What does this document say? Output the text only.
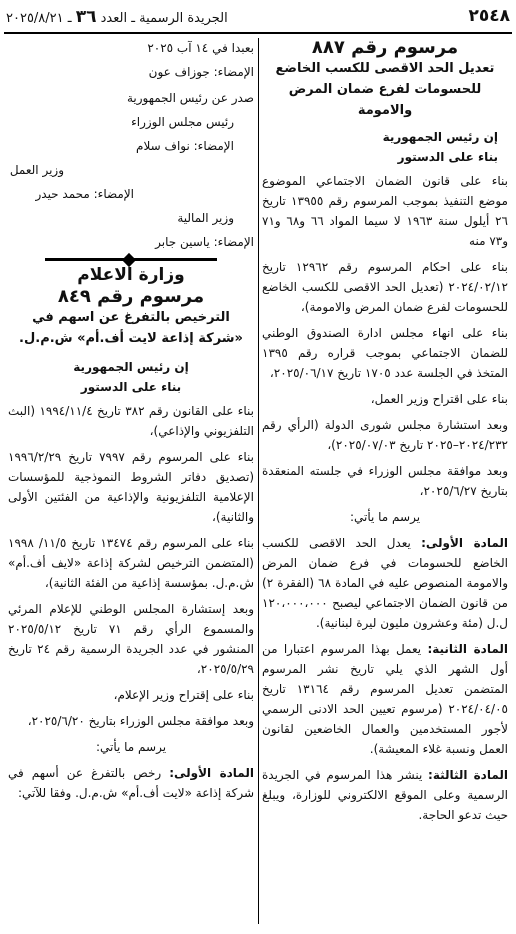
٢٥٤٨
الجريدة الرسمية ـ العدد ٣٦ ـ ٢٠٢٥/٨/٢١

مرسوم رقم ٨٨٧

تعديل الحد الاقصى للكسب الخاضع للحسومات لفرع ضمان المرض والامومة

إن رئيس الجمهورية

بناء على الدستور

بناء على قانون الضمان الاجتماعي الموضوع موضع التنفيذ بموجب المرسوم رقم ١٣٩٥٥ تاريخ ٢٦ أيلول سنة ١٩٦٣ لا سيما المواد ٦٦ و٦٨ و٧١ و٧٣ منه

بناء على احكام المرسوم رقم ١٢٩٦٢ تاريخ ٢٠٢٤/٠٢/١٢ (تعديل الحد الاقصى للكسب الخاضع للحسومات لفرع ضمان المرض والامومة)،

بناء على انهاء مجلس ادارة الصندوق الوطني للضمان الاجتماعي بموجب قراره رقم ١٣٩٥ المتخذ في الجلسة عدد ١٧٠٥ تاريخ ٢٠٢٥/٠٦/١٧،

بناء على اقتراح وزير العمل،

وبعد استشارة مجلس شورى الدولة (الرأي رقم ٢٠٢٤/٢٣٢–٢٠٢٥ تاريخ ٢٠٢٥/٠٧/٠٣)،

وبعد موافقة مجلس الوزراء في جلسته المنعقدة بتاريخ ٢٠٢٥/٦/٢٧،

يرسم ما يأتي:

المادة الأولى: يعدل الحد الاقصى للكسب الخاضع للحسومات في فرع ضمان المرض والامومة المنصوص عليه في المادة ٦٨ (الفقرة ٢) من قانون الضمان الاجتماعي ليصبح ١٢٠،٠٠٠،٠٠٠ ل.ل (مئة وعشرون مليون ليرة لبنانية).

المادة الثانية: يعمل بهذا المرسوم اعتبارا من أول الشهر الذي يلي تاريخ نشر المرسوم المتضمن تعديل المرسوم رقم ١٣١٦٤ تاريخ ٢٠٢٤/٠٤/٠٥ (مرسوم تعيين الحد الادنى الرسمي لأجور المستخدمين والعمال الخاضعين لقانون العمل ونسبة غلاء المعيشة).

المادة الثالثة: ينشر هذا المرسوم في الجريدة الرسمية وعلى الموقع الالكتروني للوزارة، ويبلغ حيث تدعو الحاجة.

بعبدا في ١٤ آب ٢٠٢٥

الإمضاء: جوزاف عون

صدر عن رئيس الجمهورية

رئيس مجلس الوزراء

الإمضاء: نواف سلام

وزير العمل

الإمضاء: محمد حيدر

وزير المالية

الإمضاء: ياسين جابر

وزارة الاعلام

مرسوم رقم ٨٤٩

الترخيص بالتفرغ عن اسهم في «شركة إذاعة لايت أف.أم» ش.م.ل.

إن رئيس الجمهورية

بناء على الدستور

بناء على القانون رقم ٣٨٢ تاريخ ١٩٩٤/١١/٤ (البث التلفزيوني والإذاعي)،

بناء على المرسوم رقم ٧٩٩٧ تاريخ ١٩٩٦/٢/٢٩ (تصديق دفاتر الشروط النموذجية للمؤسسات الإعلامية التلفزيونية والإذاعية من الفئتين الأولى والثانية)،

بناء على المرسوم رقم ١٣٤٧٤ تاريخ ١١/٥/ ١٩٩٨ (المتضمن الترخيص لشركة إذاعة «لايف أف.أم» ش.م.ل. بمؤسسة إذاعية من الفئة الثانية)،

وبعد إستشارة المجلس الوطني للإعلام المرئي والمسموع الرأي رقم ٧١ تاريخ ٢٠٢٥/٥/١٢ المنشور في عدد الجريدة الرسمية رقم ٢٤ تاريخ ٢٠٢٥/٥/٢٩،

بناء على إقتراح وزير الإعلام،

وبعد موافقة مجلس الوزراء بتاريخ ٢٠٢٥/٦/٢٠،

يرسم ما يأتي:

المادة الأولى: رخص بالتفرغ عن أسهم في شركة إذاعة «لايت أف.أم» ش.م.ل. وفقا للآتي:
